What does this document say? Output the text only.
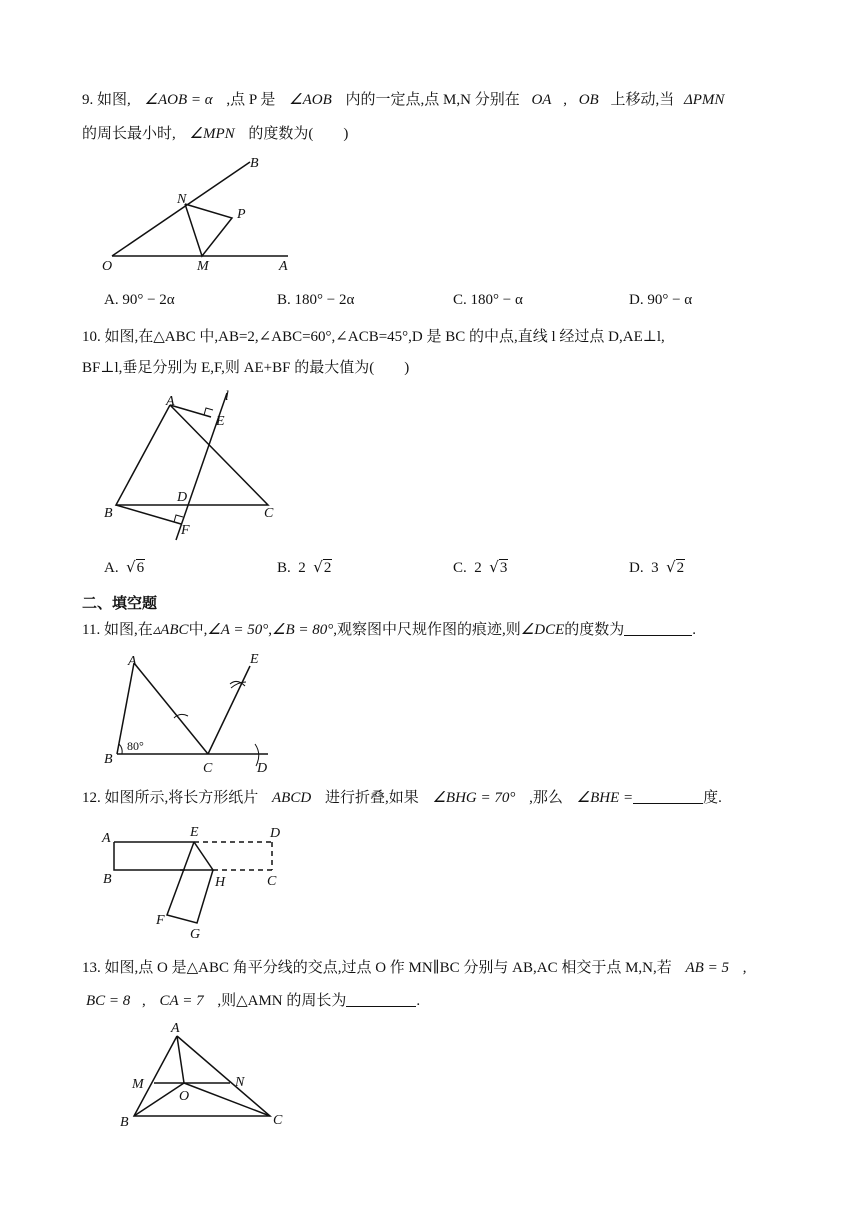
9. 如图, ∠AOB = α ,点 P 是 ∠AOB 内的一定点,点 M,N 分别在 OA , OB 上移动,当 ΔPMN
的周长最小时, ∠MPN 的度数为(　　)
B
N
P
O	M	A
A. 90° − 2α	B. 180° − 2α	C. 180° − α	D. 90° − α
10. 如图,在△ABC 中,AB=2,∠ABC=60°,∠ACB=45°,D 是 BC 的中点,直线 l 经过点 D,AE⊥l,
BF⊥l,垂足分别为 E,F,则 AE+BF 的最大值为(　　)
A	l
E
D
B	C
F
A. √6	B. 2 √2	C. 2 √3	D. 3 √2
二、填空题
11. 如图,在▵ABC中,∠A = 50°,∠B = 80°,观察图中尺规作图的痕迹,则∠DCE的度数为	.
A	E
B
80°
C	D
12. 如图所示,将长方形纸片 ABCD 进行折叠,如果 ∠BHG = 70° ,那么 ∠BHE =	度.
A	E	D
B	H	C
F
G
13. 如图,点 O 是△ABC 角平分线的交点,过点 O 作 MN∥BC 分别与 AB,AC 相交于点 M,N,若 AB = 5 ,
BC = 8 , CA = 7 ,则△AMN 的周长为	.
A
M	N
O
B	C
